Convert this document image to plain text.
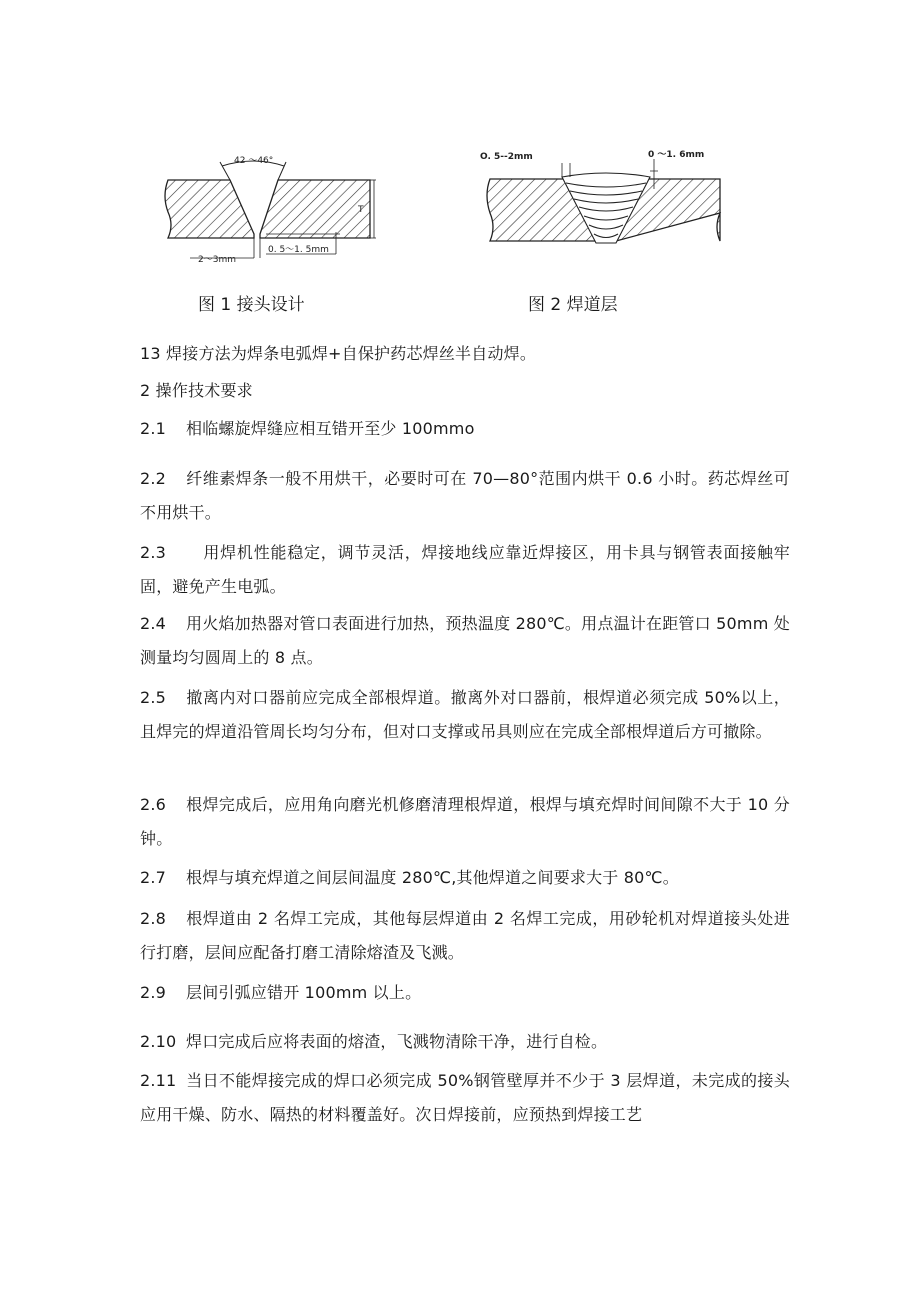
42 ～46°
2～3mm
0. 5～1. 5mm
T
O. 5--2mm	0 ～1. 6mm
图 1 接头设计	图 2 焊道层
13 焊接方法为焊条电弧焊+自保护药芯焊丝半自动焊。
2 操作技术要求
2.1 相临螺旋焊缝应相互错开至少 100mmo
2.2 纤维素焊条一般不用烘干，必要时可在 70—80°范围内烘干 0.6 小时。药芯焊丝可不用烘干。
2.3　用焊机性能稳定，调节灵活，焊接地线应靠近焊接区，用卡具与钢管表面接触牢固，避免产生电弧。
2.4 用火焰加热器对管口表面进行加热，预热温度 280℃。用点温计在距管口 50mm 处测量均匀圆周上的 8 点。
2.5 撤离内对口器前应完成全部根焊道。撤离外对口器前，根焊道必须完成 50%以上，且焊完的焊道沿管周长均匀分布，但对口支撑或吊具则应在完成全部根焊道后方可撤除。
2.6 根焊完成后，应用角向磨光机修磨清理根焊道，根焊与填充焊时间间隙不大于 10 分钟。
2.7 根焊与填充焊道之间层间温度 280℃,其他焊道之间要求大于 80℃。
2.8 根焊道由 2 名焊工完成，其他每层焊道由 2 名焊工完成，用砂轮机对焊道接头处进行打磨，层间应配备打磨工清除熔渣及飞溅。
2.9 层间引弧应错开 100mm 以上。
2.10 焊口完成后应将表面的熔渣，飞溅物清除干净，进行自检。
2.11 当日不能焊接完成的焊口必须完成 50%钢管壁厚并不少于 3 层焊道，未完成的接头应用干燥、防水、隔热的材料覆盖好。次日焊接前，应预热到焊接工艺
